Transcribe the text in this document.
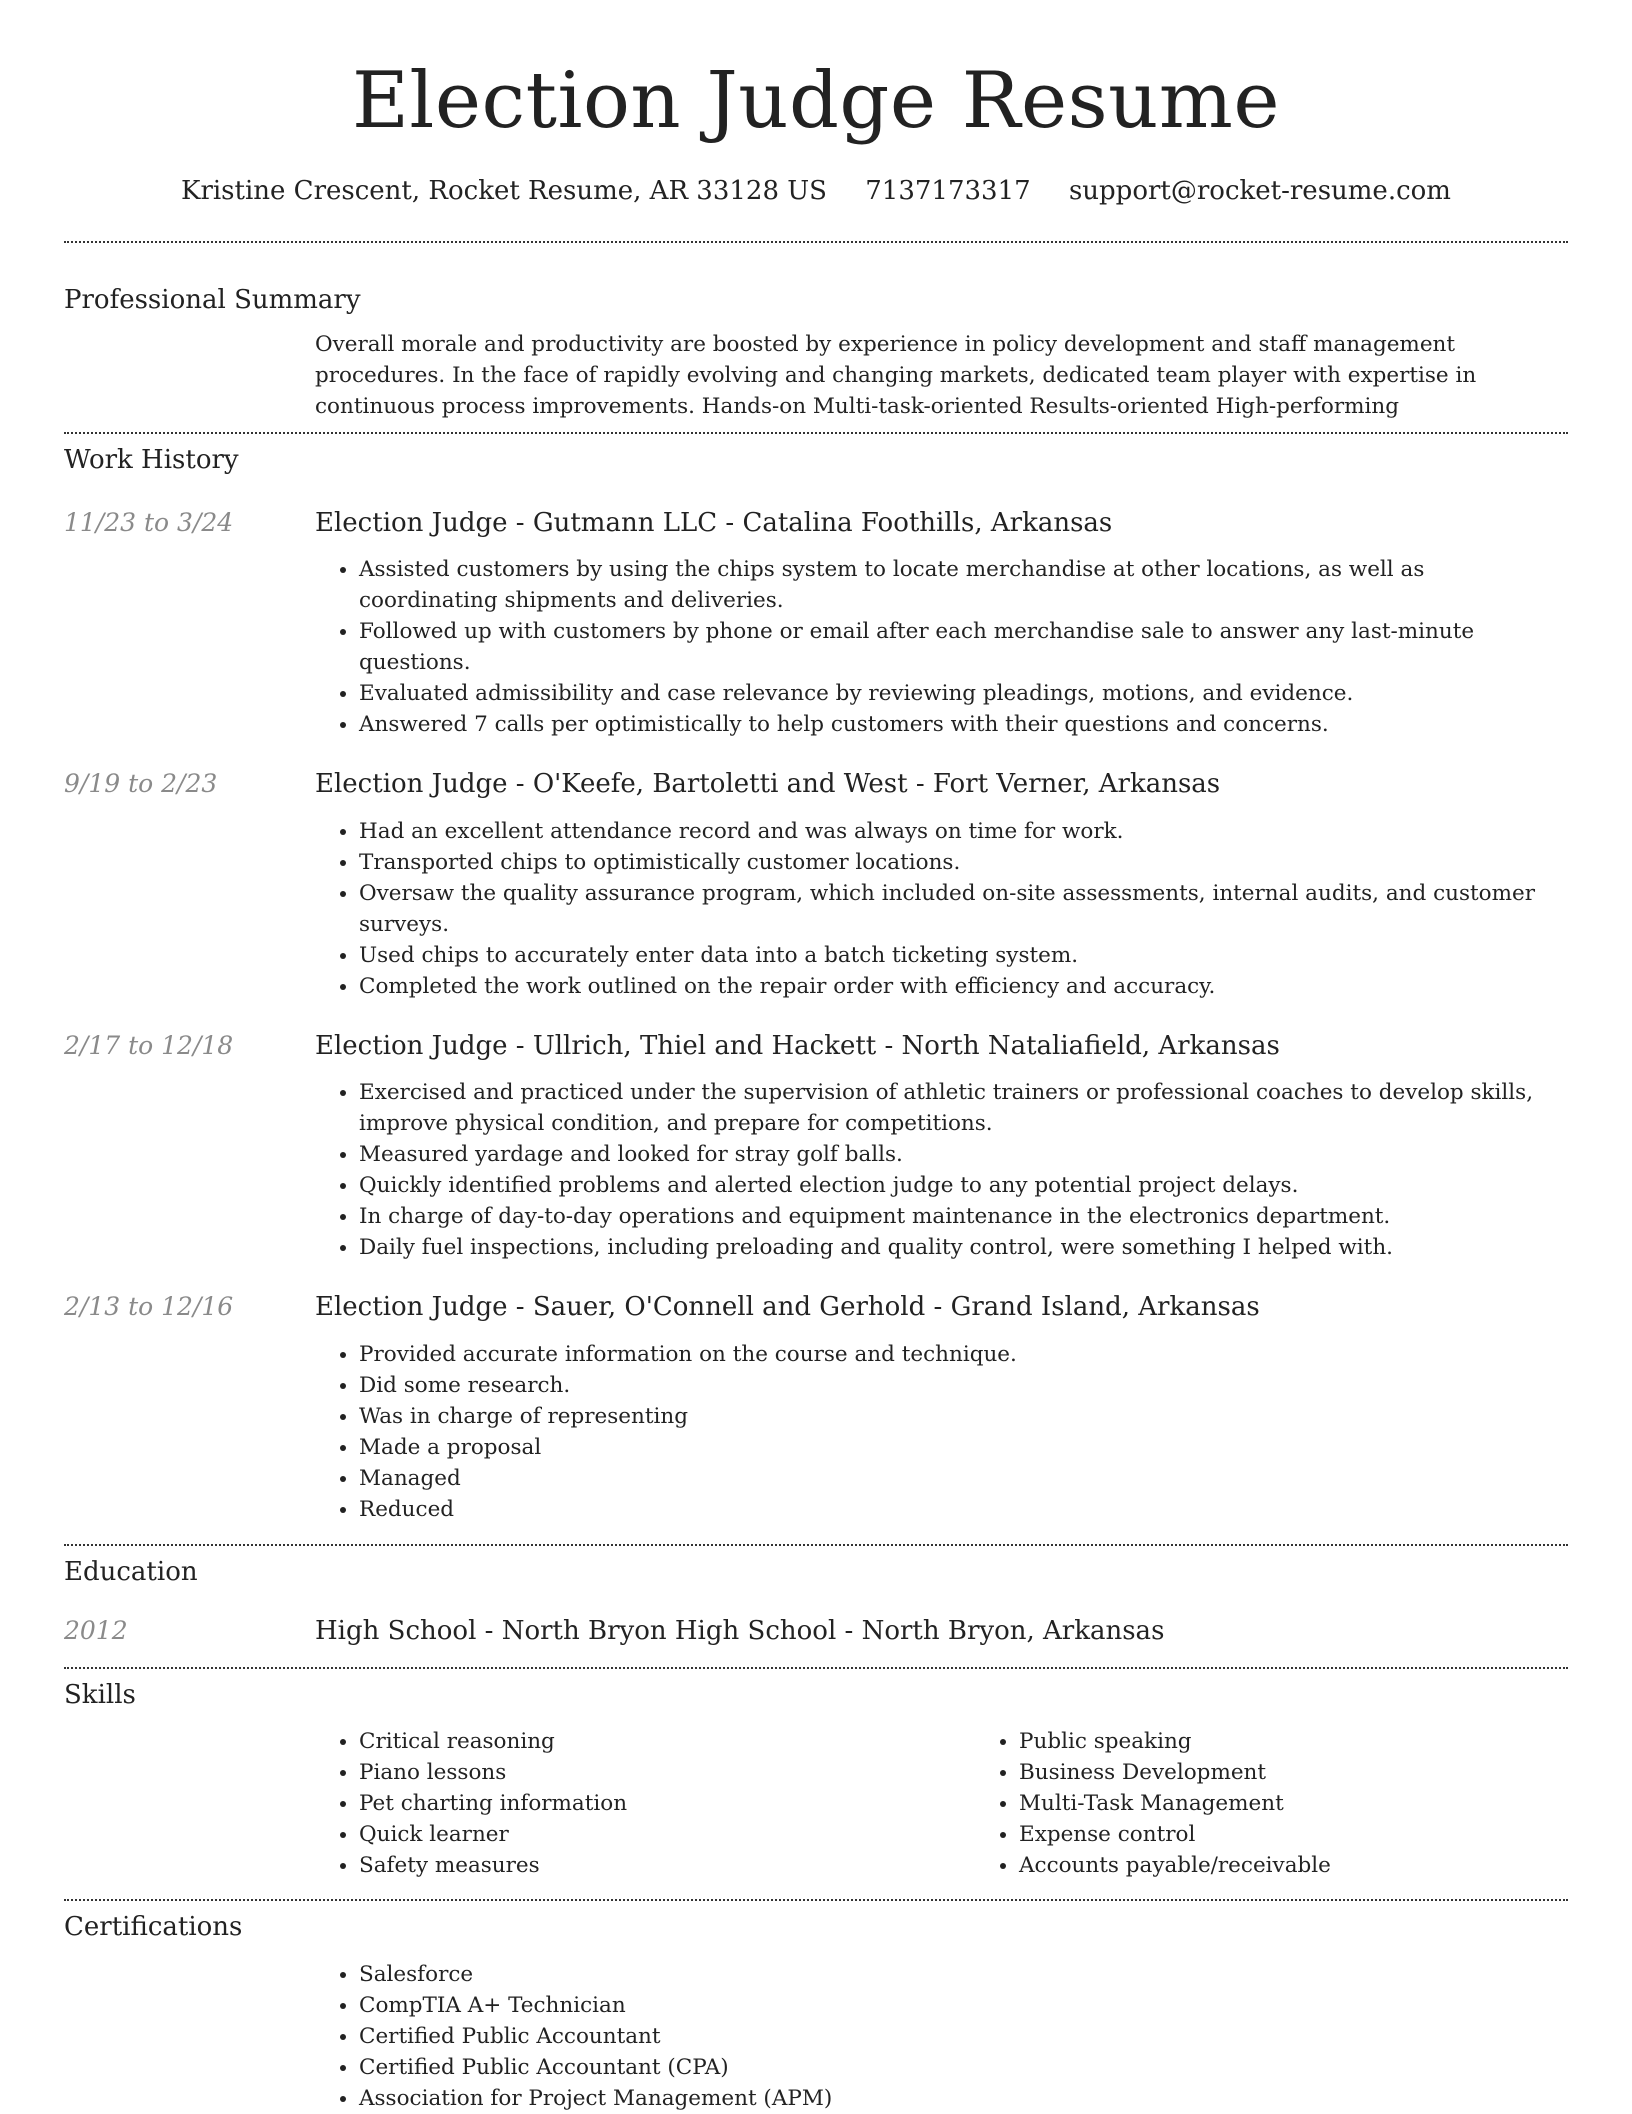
Election Judge Resume
Kristine Crescent, Rocket Resume, AR 33128 US 7137173317 support@rocket-resume.com
Professional Summary
Overall morale and productivity are boosted by experience in policy development and staff management procedures. In the face of rapidly evolving and changing markets, dedicated team player with expertise in continuous process improvements. Hands-on Multi-task-oriented Results-oriented High-performing
Work History
11/23 to 3/24	Election Judge - Gutmann LLC - Catalina Foothills, Arkansas
• Assisted customers by using the chips system to locate merchandise at other locations, as well as coordinating shipments and deliveries.
• Followed up with customers by phone or email after each merchandise sale to answer any last-minute questions.
• Evaluated admissibility and case relevance by reviewing pleadings, motions, and evidence.
• Answered 7 calls per optimistically to help customers with their questions and concerns.
9/19 to 2/23	Election Judge - O'Keefe, Bartoletti and West - Fort Verner, Arkansas
• Had an excellent attendance record and was always on time for work.
• Transported chips to optimistically customer locations.
• Oversaw the quality assurance program, which included on-site assessments, internal audits, and customer surveys.
• Used chips to accurately enter data into a batch ticketing system.
• Completed the work outlined on the repair order with efficiency and accuracy.
2/17 to 12/18	Election Judge - Ullrich, Thiel and Hackett - North Nataliafield, Arkansas
• Exercised and practiced under the supervision of athletic trainers or professional coaches to develop skills, improve physical condition, and prepare for competitions.
• Measured yardage and looked for stray golf balls.
• Quickly identified problems and alerted election judge to any potential project delays.
• In charge of day-to-day operations and equipment maintenance in the electronics department.
• Daily fuel inspections, including preloading and quality control, were something I helped with.
2/13 to 12/16	Election Judge - Sauer, O'Connell and Gerhold - Grand Island, Arkansas
• Provided accurate information on the course and technique.
• Did some research.
• Was in charge of representing
• Made a proposal
• Managed
• Reduced
Education
2012	High School - North Bryon High School - North Bryon, Arkansas
Skills
• Critical reasoning
• Piano lessons
• Pet charting information
• Quick learner
• Safety measures
• Public speaking
• Business Development
• Multi-Task Management
• Expense control
• Accounts payable/receivable
Certifications
• Salesforce
• CompTIA A+ Technician
• Certified Public Accountant
• Certified Public Accountant (CPA)
• Association for Project Management (APM)
